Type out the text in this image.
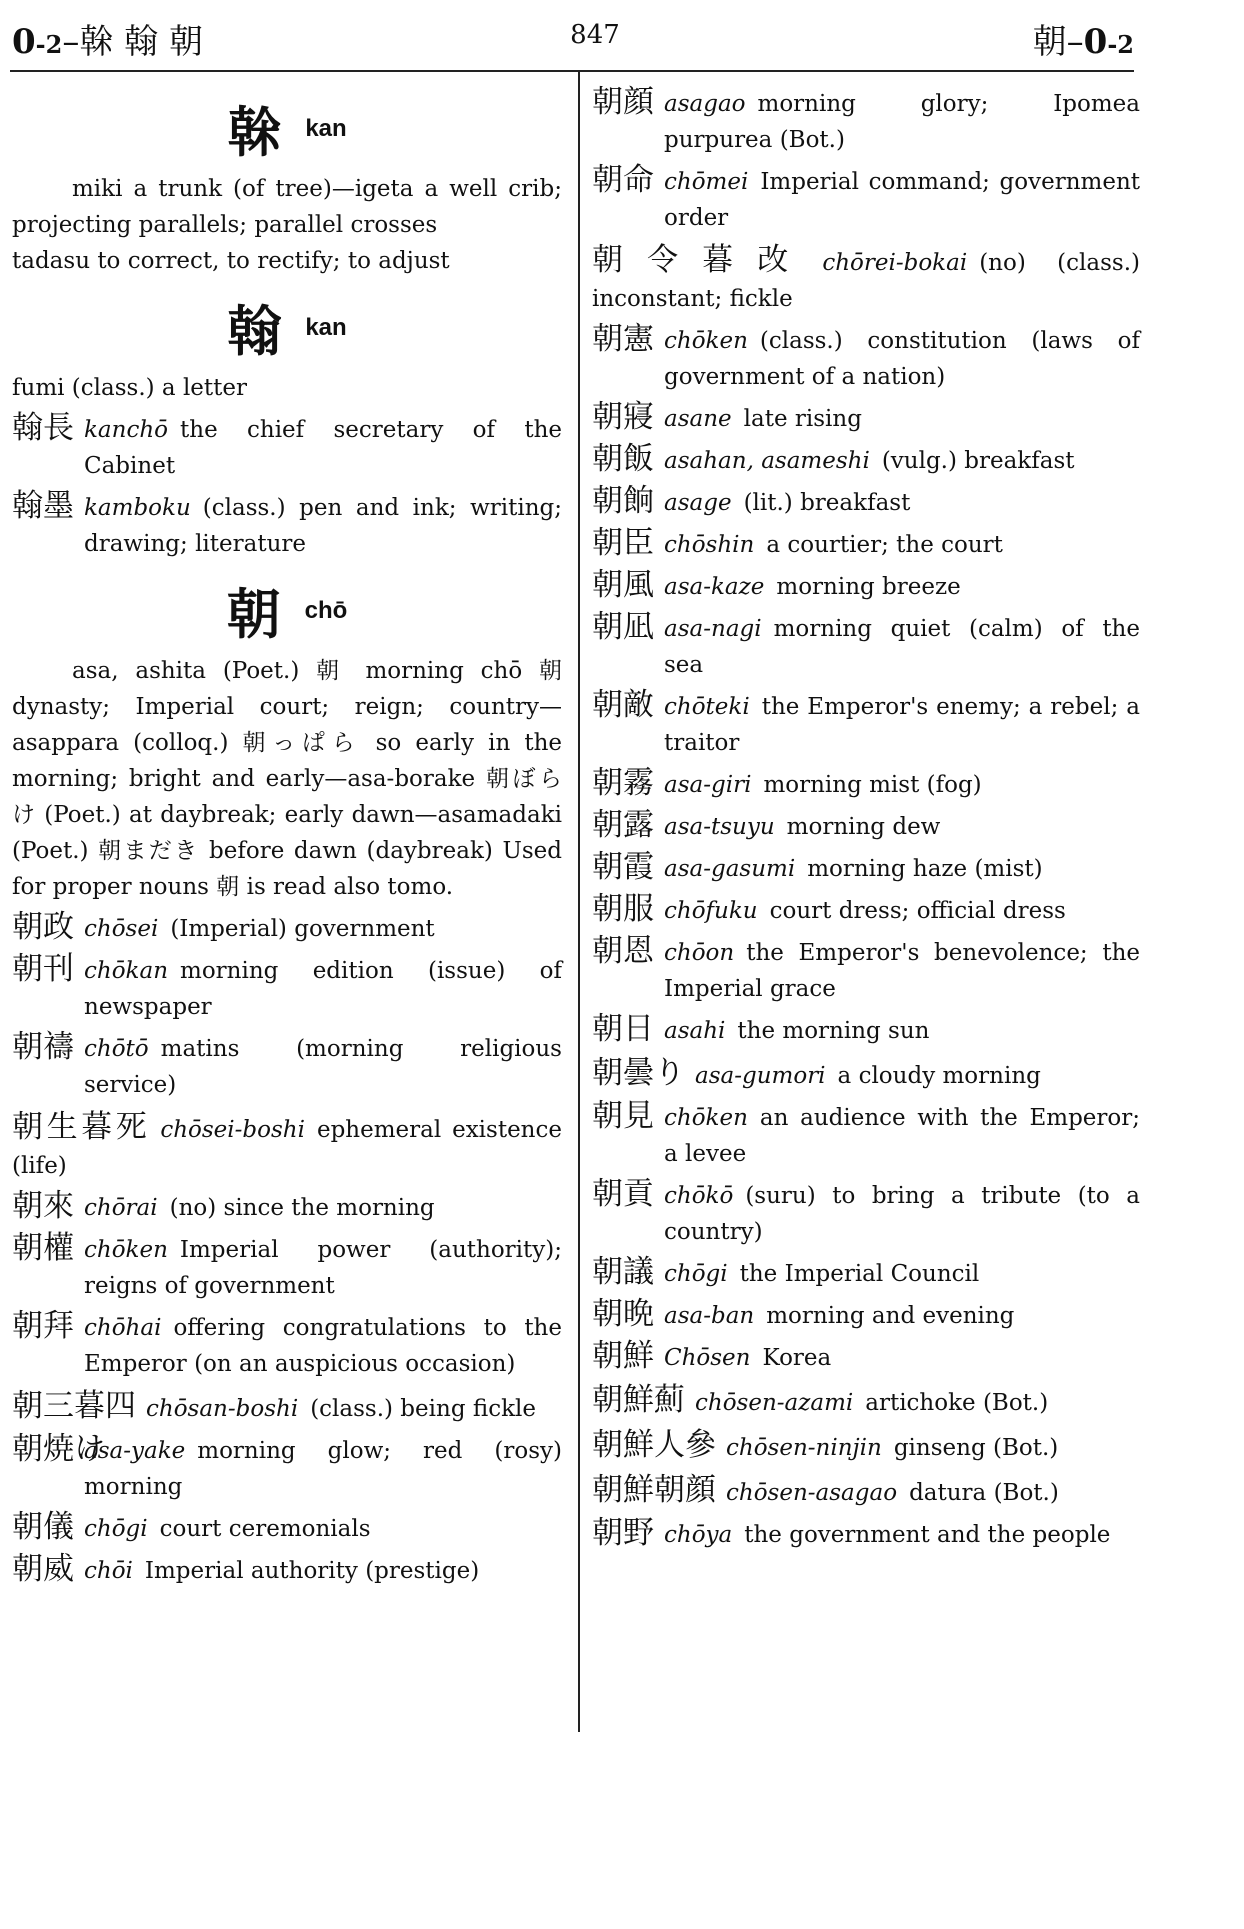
0-2–榦 翰 朝	847	朝–0-2
榦 kan
miki a trunk (of tree)—igeta a well crib; projecting parallels; parallel crosses
tadasu to correct, to rectify; to adjust
翰 kan
fumi (class.) a letter
翰長 kanchō the chief secretary of the Cabinet
翰墨 kamboku (class.) pen and ink; writing; drawing; literature
朝 chō
asa, ashita (Poet.) 朝 morning chō 朝 dynasty; Imperial court; reign; country—asappara (colloq.) 朝っぱら so early in the morning; bright and early—asa-borake 朝ぼらけ (Poet.) at daybreak; early dawn—asamadaki (Poet.) 朝まだき before dawn (daybreak) Used for proper nouns 朝 is read also tomo.
朝政 chōsei (Imperial) government
朝刊 chōkan morning edition (issue) of newspaper
朝禱 chōtō matins (morning religious service)
朝生暮死 chōsei-boshi ephemeral existence (life)
朝來 chōrai (no) since the morning
朝權 chōken Imperial power (authority); reigns of government
朝拜 chōhai offering congratulations to the Emperor (on an auspicious occasion)
朝三暮四 chōsan-boshi (class.) being fickle
朝焼け
asa-yake morning glow; red (rosy) morning
朝儀 chōgi court ceremonials
朝威 chōi Imperial authority (prestige)
朝顔 asagao morning glory; Ipomea purpurea (Bot.)
朝命 chōmei Imperial command; government order
朝令暮改 chōrei-bokai (no) (class.) inconstant; fickle
朝憲 chōken (class.) constitution (laws of government of a nation)
朝寢 asane late rising
朝飯 asahan, asameshi (vulg.) breakfast
朝餉 asage (lit.) breakfast
朝臣 chōshin a courtier; the court
朝風 asa-kaze morning breeze
朝凪 asa-nagi morning quiet (calm) of the sea
朝敵 chōteki the Emperor's enemy; a rebel; a traitor
朝霧 asa-giri morning mist (fog)
朝露 asa-tsuyu morning dew
朝霞 asa-gasumi morning haze (mist)
朝服 chōfuku court dress; official dress
朝恩 chōon the Emperor's benevolence; the Imperial grace
朝日 asahi the morning sun
朝曇り asa-gumori a cloudy morning
朝見 chōken an audience with the Emperor; a levee
朝貢 chōkō (suru) to bring a tribute (to a country)
朝議 chōgi the Imperial Council
朝晩 asa-ban morning and evening
朝鮮 Chōsen Korea
朝鮮薊 chōsen-azami artichoke (Bot.)
朝鮮人參 chōsen-ninjin ginseng (Bot.)
朝鮮朝顔 chōsen-asagao datura (Bot.)
朝野 chōya the government and the people
